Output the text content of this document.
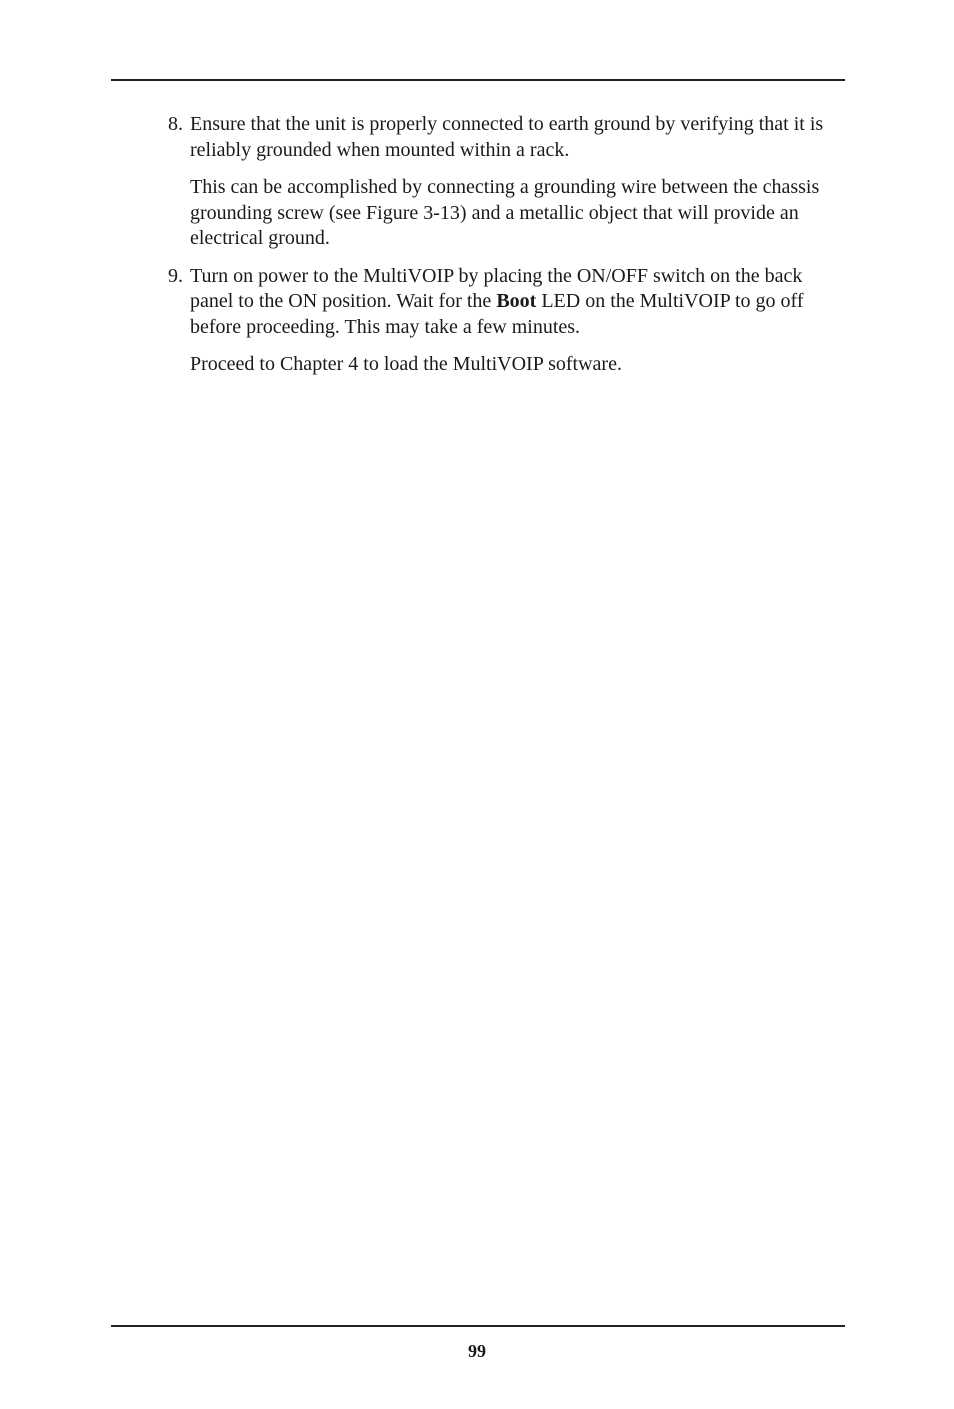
8. Ensure that the unit is properly connected to earth ground by verifying that it is reliably grounded when mounted within a rack.
This can be accomplished by connecting a grounding wire between the chassis grounding screw (see Figure 3-13) and a metallic object that will provide an electrical ground.
9. Turn on power to the MultiVOIP by placing the ON/OFF switch on the back panel to the ON position. Wait for the Boot LED on the MultiVOIP to go off before proceeding. This may take a few minutes.
Proceed to Chapter 4 to load the MultiVOIP software.
99
